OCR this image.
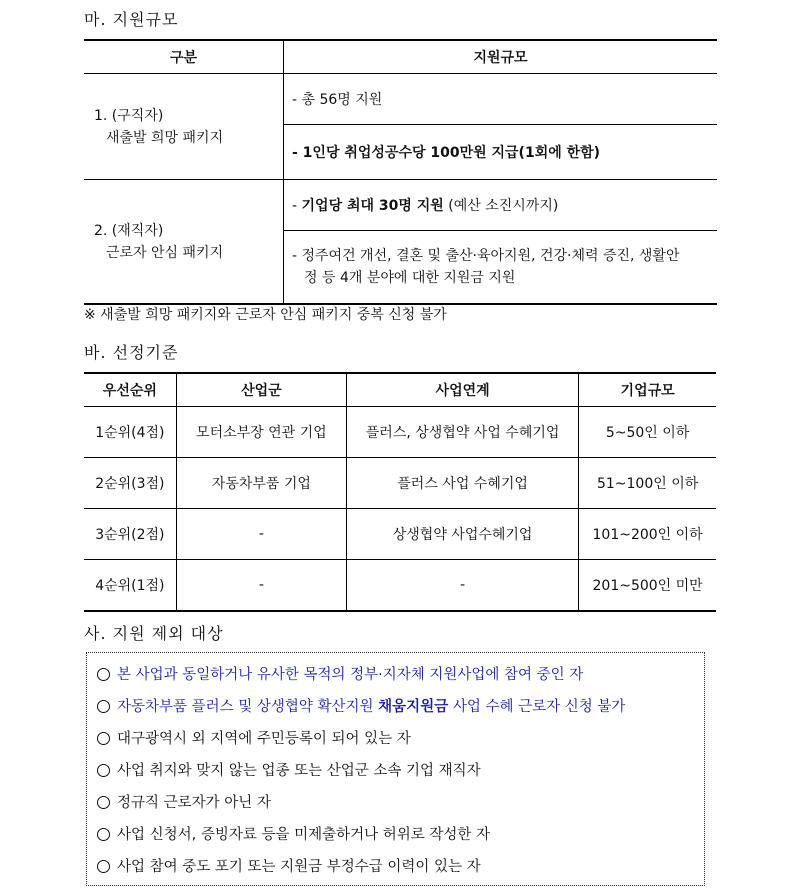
마. 지원규모
구분	지원규모
1. (구직자)
새출발 희망 패키지	- 총 56명 지원
	- 1인당 취업성공수당 100만원 지급(1회에 한함)
2. (재직자)
근로자 안심 패키지	- 기업당 최대 30명 지원 (예산 소진시까지)
	- 정주여건 개선, 결혼 및 출산·육아지원, 건강·체력 증진, 생활안
정 등 4개 분야에 대한 지원금 지원
※ 새출발 희망 패키지와 근로자 안심 패키지 중복 신청 불가
바. 선정기준
우선순위	산업군	사업연계	기업규모
1순위(4점)	모터소부장 연관 기업	플러스, 상생협약 사업 수혜기업	5~50인 이하
2순위(3점)	자동차부품 기업	플러스 사업 수혜기업	51~100인 이하
3순위(2점)	-	상생협약 사업수혜기업	101~200인 이하
4순위(1점)	-	-	201~500인 미만
사. 지원 제외 대상
본 사업과 동일하거나 유사한 목적의 정부·지자체 지원사업에 참여 중인 자
자동차부품 플러스 및 상생협약 확산지원 채움지원금 사업 수혜 근로자 신청 불가
대구광역시 외 지역에 주민등록이 되어 있는 자
사업 취지와 맞지 않는 업종 또는 산업군 소속 기업 재직자
정규직 근로자가 아닌 자
사업 신청서, 증빙자료 등을 미제출하거나 허위로 작성한 자
사업 참여 중도 포기 또는 지원금 부정수급 이력이 있는 자
